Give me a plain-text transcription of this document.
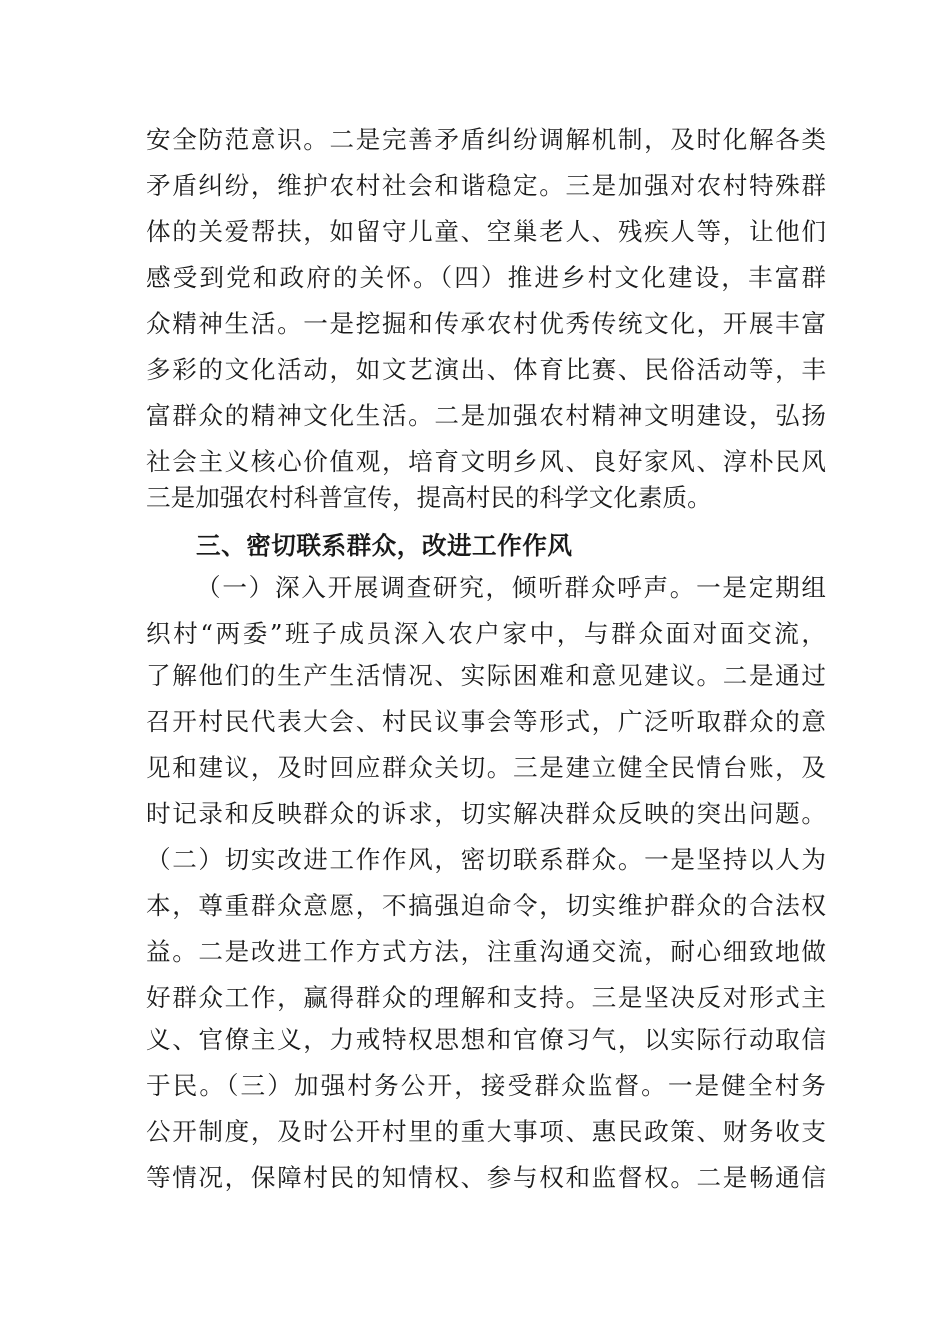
安全防范意识。二是完善矛盾纠纷调解机制，及时化解各类
矛盾纠纷，维护农村社会和谐稳定。三是加强对农村特殊群
体的关爱帮扶，如留守儿童、空巢老人、残疾人等，让他们
感受到党和政府的关怀。（四）推进乡村文化建设，丰富群
众精神生活。一是挖掘和传承农村优秀传统文化，开展丰富
多彩的文化活动，如文艺演出、体育比赛、民俗活动等，丰
富群众的精神文化生活。二是加强农村精神文明建设，弘扬
社会主义核心价值观，培育文明乡风、良好家风、淳朴民风
三是加强农村科普宣传，提高村民的科学文化素质。
三、密切联系群众，改进工作作风
（一）深入开展调查研究，倾听群众呼声。一是定期组
织村“两委”班子成员深入农户家中，与群众面对面交流，
了解他们的生产生活情况、实际困难和意见建议。二是通过
召开村民代表大会、村民议事会等形式，广泛听取群众的意
见和建议，及时回应群众关切。三是建立健全民情台账，及
时记录和反映群众的诉求，切实解决群众反映的突出问题。
（二）切实改进工作作风，密切联系群众。一是坚持以人为
本，尊重群众意愿，不搞强迫命令，切实维护群众的合法权
益。二是改进工作方式方法，注重沟通交流，耐心细致地做
好群众工作，赢得群众的理解和支持。三是坚决反对形式主
义、官僚主义，力戒特权思想和官僚习气，以实际行动取信
于民。（三）加强村务公开，接受群众监督。一是健全村务
公开制度，及时公开村里的重大事项、惠民政策、财务收支
等情况，保障村民的知情权、参与权和监督权。二是畅通信
